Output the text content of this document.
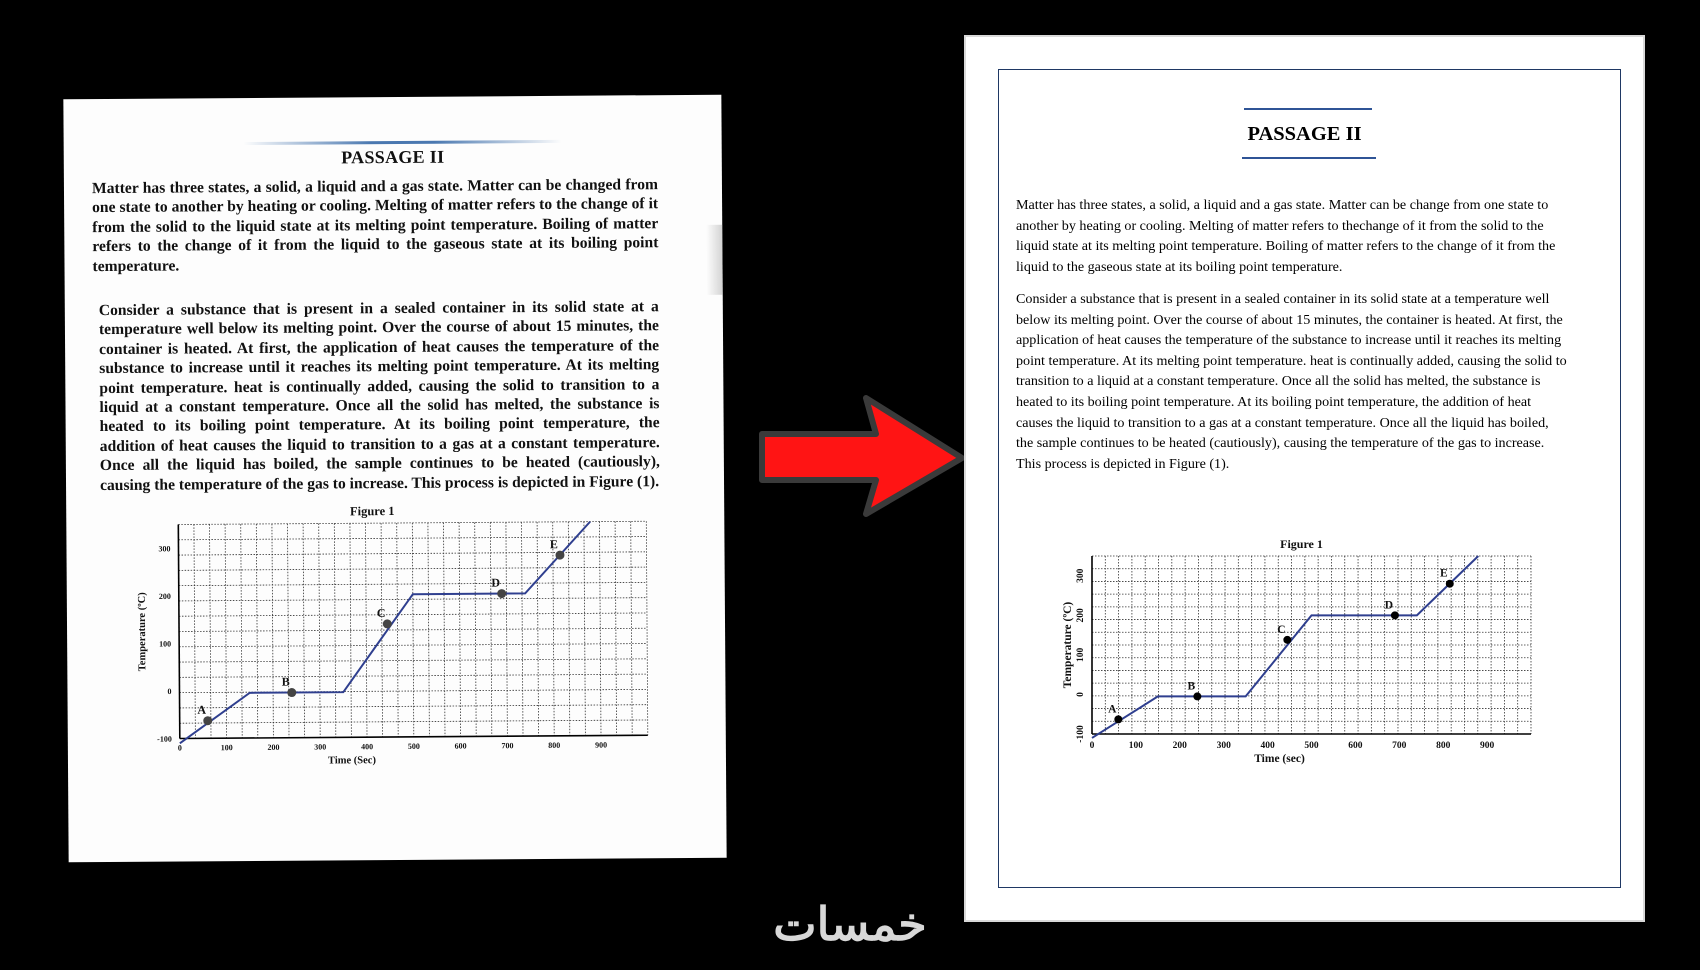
PASSAGE II

Matter has three states, a solid, a liquid and a gas state. Matter can be changed from one state to another by heating or cooling. Melting of matter refers to the change of it from the solid to the liquid state at its melting point temperature. Boiling of matter refers to the change of it from the liquid to the gaseous state at its boiling point temperature.

Consider a substance that is present in a sealed container in its solid state at a temperature well below its melting point. Over the course of about 15 minutes, the container is heated. At first, the application of heat causes the temperature of the substance to increase until it reaches its melting point temperature. At its melting point temperature. heat is continually added, causing the solid to transition to a liquid at a constant temperature. Once all the solid has melted, the substance is heated to its boiling point temperature. At its boiling point temperature, the addition of heat causes the liquid to transition to a gas at a constant temperature. Once all the liquid has boiled, the sample continues to be heated (cautiously), causing the temperature of the gas to increase. This process is depicted in Figure (1).

Figure 1
Time (Sec)
Temperature (ºC)
0	100	200	300	400	500	600	700	800	900
-100
0
100
200
300
A
B
C
D
E
PASSAGE II

Matter has three states, a solid, a liquid and a gas state. Matter can be change from one state to another by heating or cooling. Melting of matter refers to thechange of it from the solid to the liquid state at its melting point temperature. Boiling of matter refers to the change of it from the liquid to the gaseous state at its boiling point temperature.

Consider a substance that is present in a sealed container in its solid state at a temperature well below its melting point. Over the course of about 15 minutes, the container is heated. At first, the application of heat causes the temperature of the substance to increase until it reaches its melting point temperature. At its melting point temperature. heat is continually added, causing the solid to transition to a liquid at a constant temperature. Once all the solid has melted, the substance is heated to its boiling point temperature. At its boiling point temperature, the addition of heat causes the liquid to transition to a gas at a constant temperature. Once all the liquid has boiled, the sample continues to be heated (cautiously), causing the temperature of the gas to increase. This process is depicted in Figure (1).

Figure 1
Time (sec)
Temperature (ºC)
0	100	200	300	400	500	600	700	800	900
-100
0
100
200
300
A
B
C
D
E
خمسات
